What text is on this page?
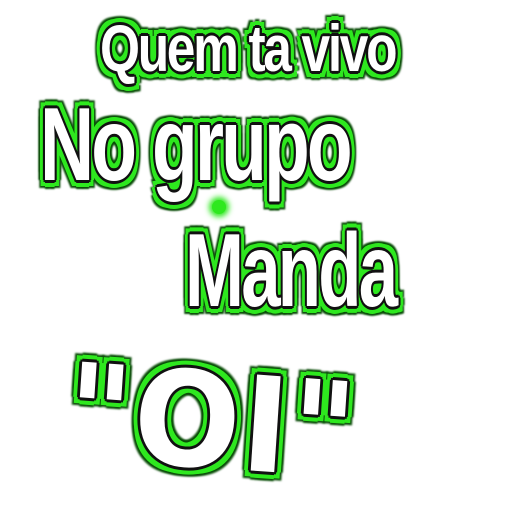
Quem ta vivo
No grupo
Manda
"OI"
